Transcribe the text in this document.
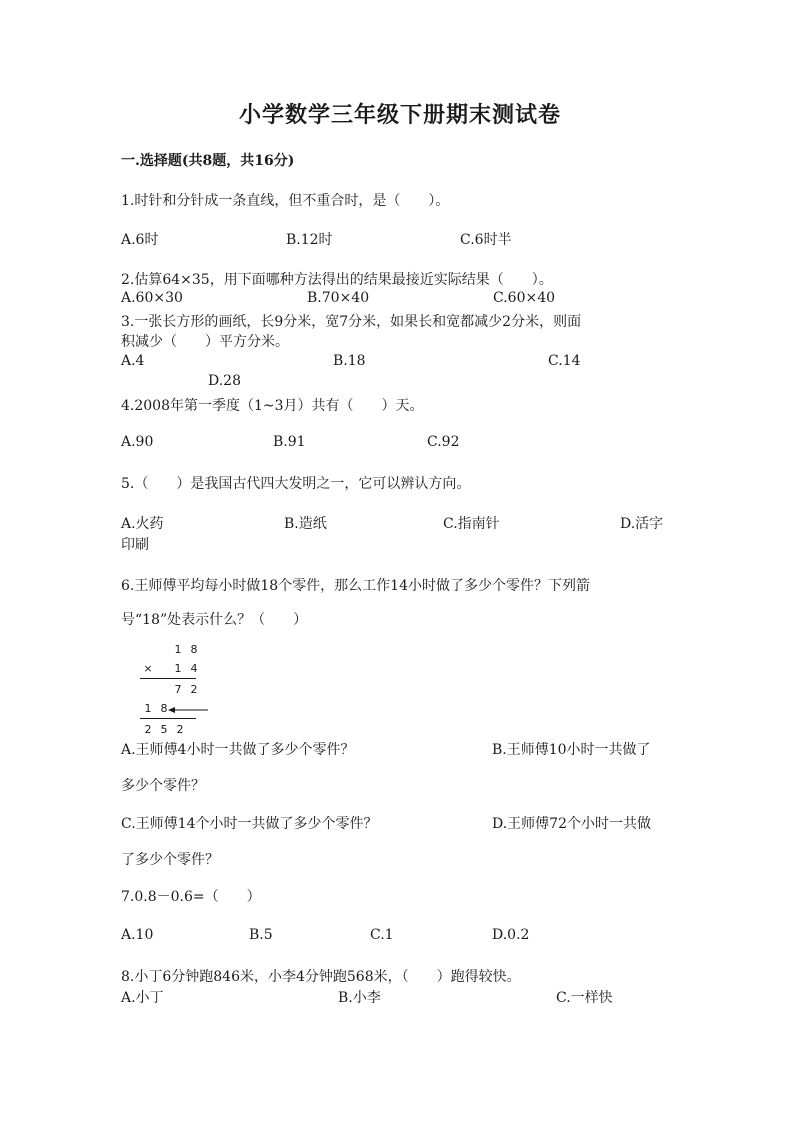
小学数学三年级下册期末测试卷
一.选择题(共8题，共16分)
1.时针和分针成一条直线，但不重合时，是（　　）。
A.6时	B.12时	C.6时半
2.估算64×35，用下面哪种方法得出的结果最接近实际结果（　　）。
A.60×30	B.70×40	C.60×40
3.一张长方形的画纸，长9分米，宽7分米，如果长和宽都减少2分米，则面
积减少（　　）平方分米。
A.4	B.18	C.14
D.28
4.2008年第一季度（1~3月）共有（　　）天。
A.90	B.91	C.92
5.（　　）是我国古代四大发明之一，它可以辨认方向。
A.火药	B.造纸	C.指南针	D.活字
印刷
6.王师傅平均每小时做18个零件，那么工作14小时做了多少个零件？下列箭
号“18”处表示什么？（　　）
1 8
× 1 4
7 2
1 8
2 5 2
A.王师傅4小时一共做了多少个零件？	B.王师傅10小时一共做了
多少个零件？
C.王师傅14个小时一共做了多少个零件？	D.王师傅72个小时一共做
了多少个零件？
7.0.8－0.6=（　　）
A.10	B.5	C.1	D.0.2
8.小丁6分钟跑846米，小李4分钟跑568米，（　　）跑得较快。
A.小丁	B.小李	C.一样快
